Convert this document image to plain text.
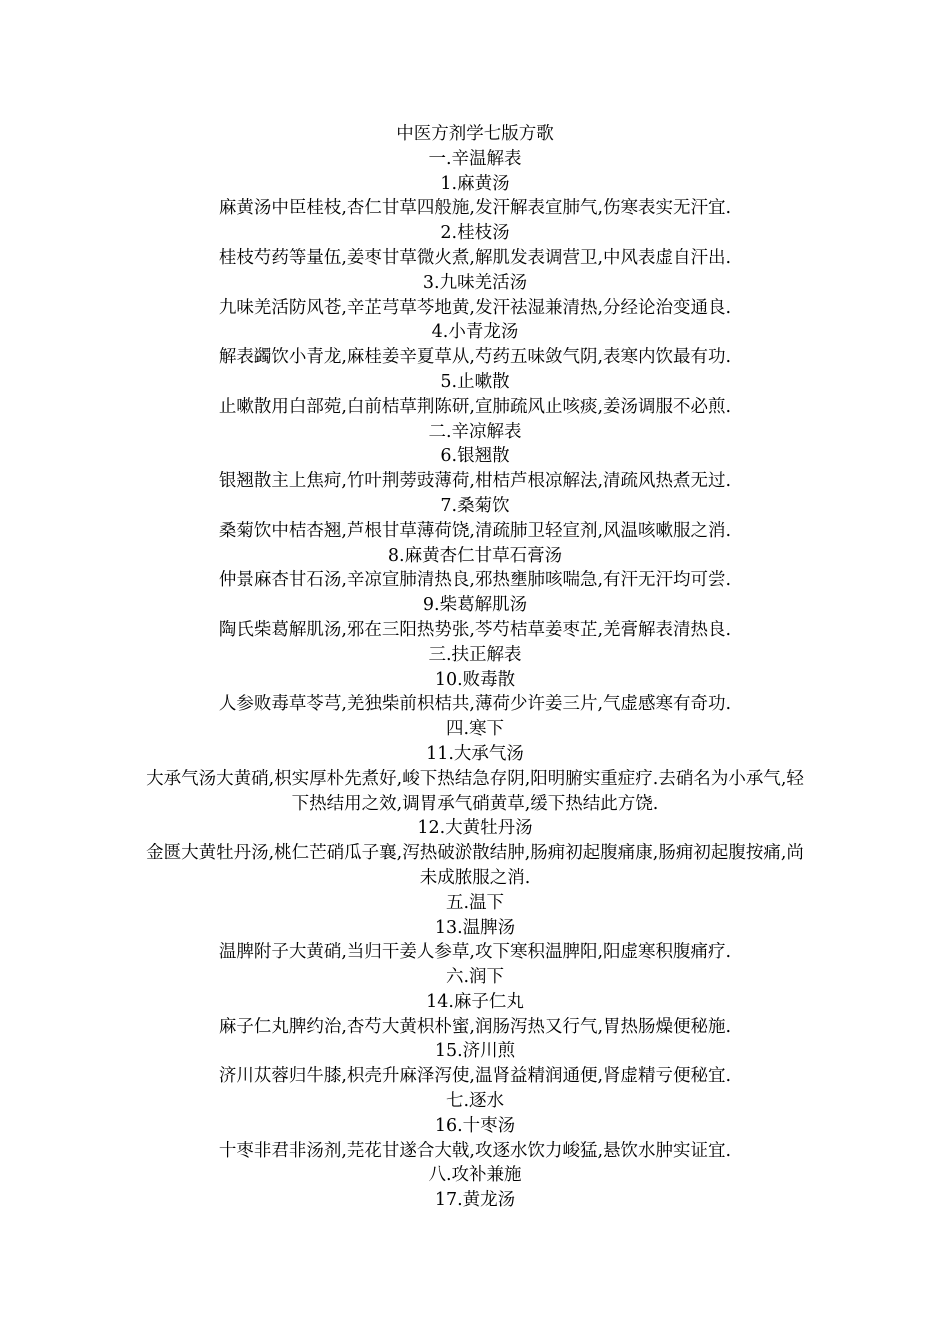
中医方剂学七版方歌
一.辛温解表
1.麻黄汤
麻黄汤中臣桂枝,杏仁甘草四般施,发汗解表宣肺气,伤寒表实无汗宜.
2.桂枝汤
桂枝芍药等量伍,姜枣甘草微火煮,解肌发表调营卫,中风表虚自汗出.
3.九味羌活汤
九味羌活防风苍,辛芷芎草芩地黄,发汗祛湿兼清热,分经论治变通良.
4.小青龙汤
解表蠲饮小青龙,麻桂姜辛夏草从,芍药五味敛气阴,表寒内饮最有功.
5.止嗽散
止嗽散用白部菀,白前桔草荆陈研,宣肺疏风止咳痰,姜汤调服不必煎.
二.辛凉解表
6.银翘散
银翘散主上焦疴,竹叶荆蒡豉薄荷,柑桔芦根凉解法,清疏风热煮无过.
7.桑菊饮
桑菊饮中桔杏翘,芦根甘草薄荷饶,清疏肺卫轻宣剂,风温咳嗽服之消.
8.麻黄杏仁甘草石膏汤
仲景麻杏甘石汤,辛凉宣肺清热良,邪热壅肺咳喘急,有汗无汗均可尝.
9.柴葛解肌汤
陶氏柴葛解肌汤,邪在三阳热势张,芩芍桔草姜枣芷,羌膏解表清热良.
三.扶正解表
10.败毒散
人参败毒草苓芎,羌独柴前枳桔共,薄荷少许姜三片,气虚感寒有奇功.
四.寒下
11.大承气汤
大承气汤大黄硝,枳实厚朴先煮好,峻下热结急存阴,阳明腑实重症疗.去硝名为小承气,轻下热结用之效,调胃承气硝黄草,缓下热结此方饶.
12.大黄牡丹汤
金匮大黄牡丹汤,桃仁芒硝瓜子襄,泻热破淤散结肿,肠痈初起腹痛康,肠痈初起腹按痛,尚未成脓服之消.
五.温下
13.温脾汤
温脾附子大黄硝,当归干姜人参草,攻下寒积温脾阳,阳虚寒积腹痛疗.
六.润下
14.麻子仁丸
麻子仁丸脾约治,杏芍大黄枳朴蜜,润肠泻热又行气,胃热肠燥便秘施.
15.济川煎
济川苁蓉归牛膝,枳壳升麻泽泻使,温肾益精润通便,肾虚精亏便秘宜.
七.逐水
16.十枣汤
十枣非君非汤剂,芫花甘遂合大戟,攻逐水饮力峻猛,悬饮水肿实证宜.
八.攻补兼施
17.黄龙汤
